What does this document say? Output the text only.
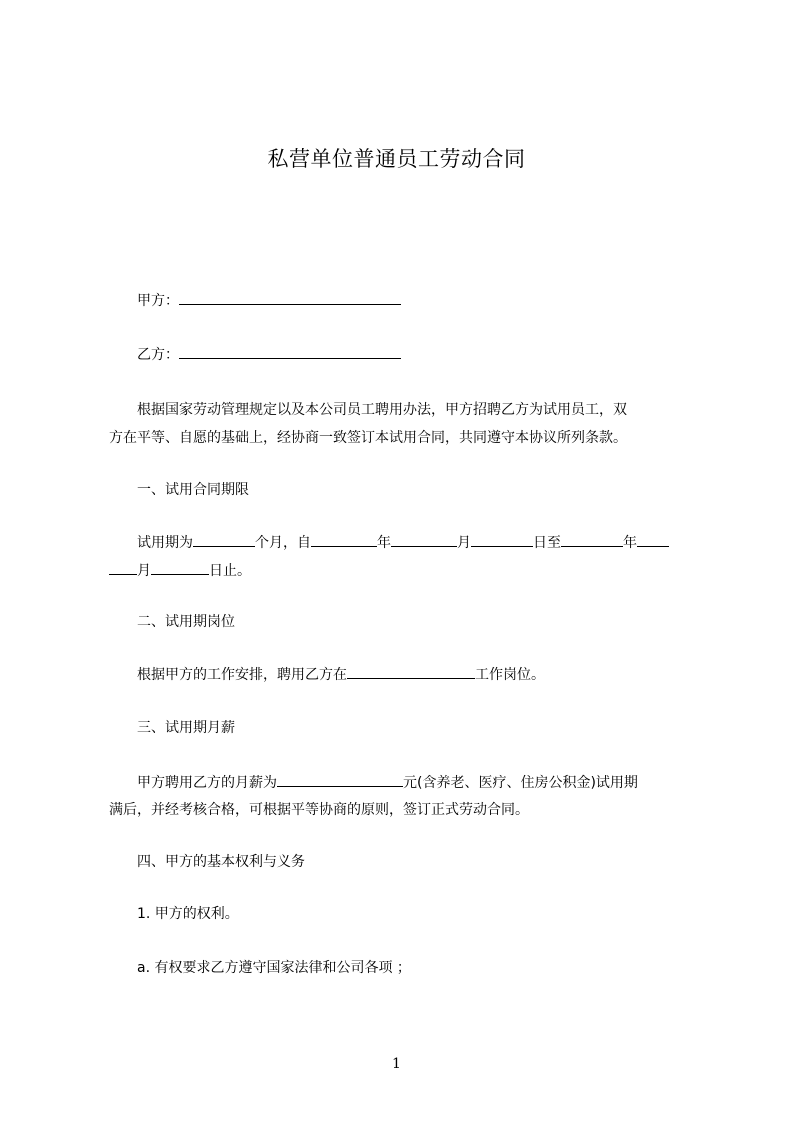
私营单位普通员工劳动合同
甲方：
乙方：
根据国家劳动管理规定以及本公司员工聘用办法，甲方招聘乙方为试用员工，双
方在平等、自愿的基础上，经协商一致签订本试用合同，共同遵守本协议所列条款。
一、试用合同期限
试用期为	个月，自	年	月	日至	年
月	日止。
二、试用期岗位
根据甲方的工作安排，聘用乙方在	工作岗位。
三、试用期月薪
甲方聘用乙方的月薪为	元(含养老、医疗、住房公积金)试用期
满后，并经考核合格，可根据平等协商的原则，签订正式劳动合同。
四、甲方的基本权利与义务
1. 甲方的权利。
a. 有权要求乙方遵守国家法律和公司各项 ；
1
